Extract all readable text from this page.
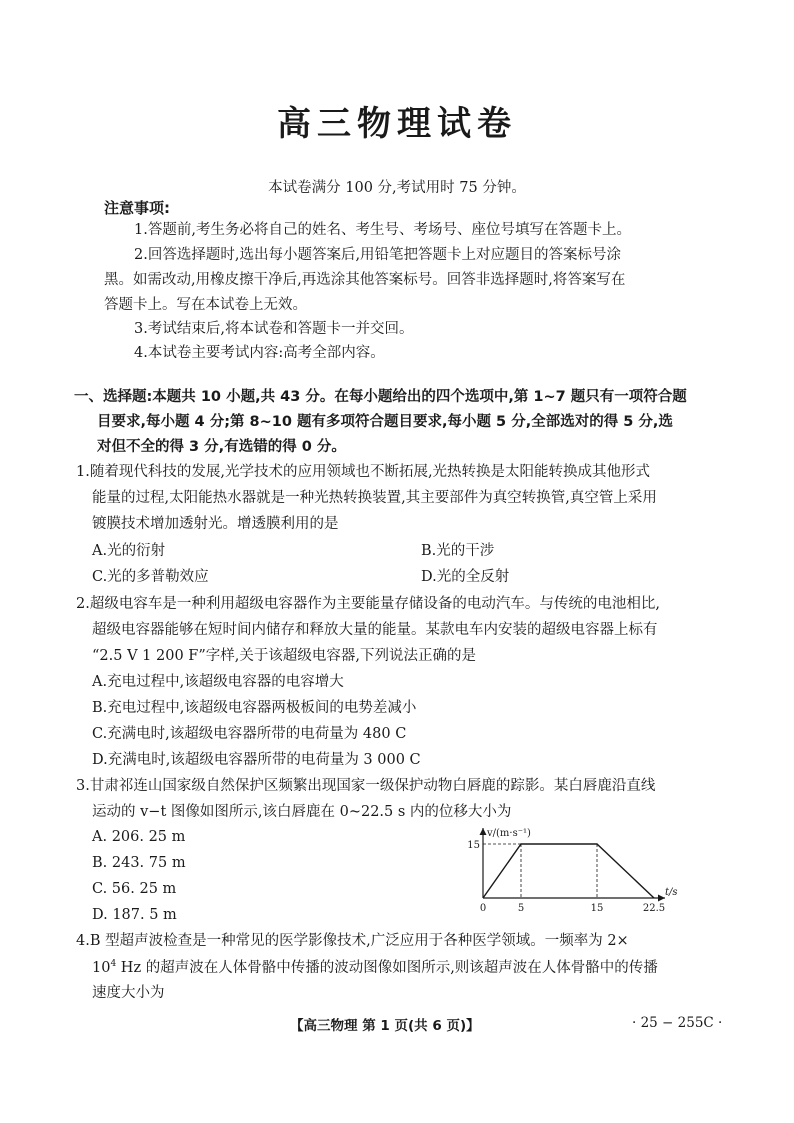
高三物理试卷
本试卷满分 100 分,考试用时 75 分钟。
注意事项:
1.答题前,考生务必将自己的姓名、考生号、考场号、座位号填写在答题卡上。
2.回答选择题时,选出每小题答案后,用铅笔把答题卡上对应题目的答案标号涂
黑。如需改动,用橡皮擦干净后,再选涂其他答案标号。回答非选择题时,将答案写在
答题卡上。写在本试卷上无效。
3.考试结束后,将本试卷和答题卡一并交回。
4.本试卷主要考试内容:高考全部内容。
一、选择题:本题共 10 小题,共 43 分。在每小题给出的四个选项中,第 1~7 题只有一项符合题
目要求,每小题 4 分;第 8~10 题有多项符合题目要求,每小题 5 分,全部选对的得 5 分,选
对但不全的得 3 分,有选错的得 0 分。
1.随着现代科技的发展,光学技术的应用领域也不断拓展,光热转换是太阳能转换成其他形式
能量的过程,太阳能热水器就是一种光热转换装置,其主要部件为真空转换管,真空管上采用
镀膜技术增加透射光。增透膜利用的是
A.光的衍射	B.光的干涉
C.光的多普勒效应	D.光的全反射
2.超级电容车是一种利用超级电容器作为主要能量存储设备的电动汽车。与传统的电池相比,
超级电容器能够在短时间内储存和释放大量的能量。某款电车内安装的超级电容器上标有
“2.5 V 1 200 F”字样,关于该超级电容器,下列说法正确的是
A.充电过程中,该超级电容器的电容增大
B.充电过程中,该超级电容器两极板间的电势差减小
C.充满电时,该超级电容器所带的电荷量为 480 C
D.充满电时,该超级电容器所带的电荷量为 3 000 C
3.甘肃祁连山国家级自然保护区频繁出现国家一级保护动物白唇鹿的踪影。某白唇鹿沿直线
运动的 v−t 图像如图所示,该白唇鹿在 0~22.5 s 内的位移大小为
A. 206. 25 m
B. 243. 75 m
C. 56. 25 m
D. 187. 5 m
v/(m·s⁻¹)
t/s
0	5	15	22.5
15
4.B 型超声波检查是一种常见的医学影像技术,广泛应用于各种医学领域。一频率为 2×
$10^4$ Hz 的超声波在人体骨骼中传播的波动图像如图所示,则该超声波在人体骨骼中的传播
速度大小为
【高三物理 第 1 页(共 6 页)】	· 25 − 255C ·
